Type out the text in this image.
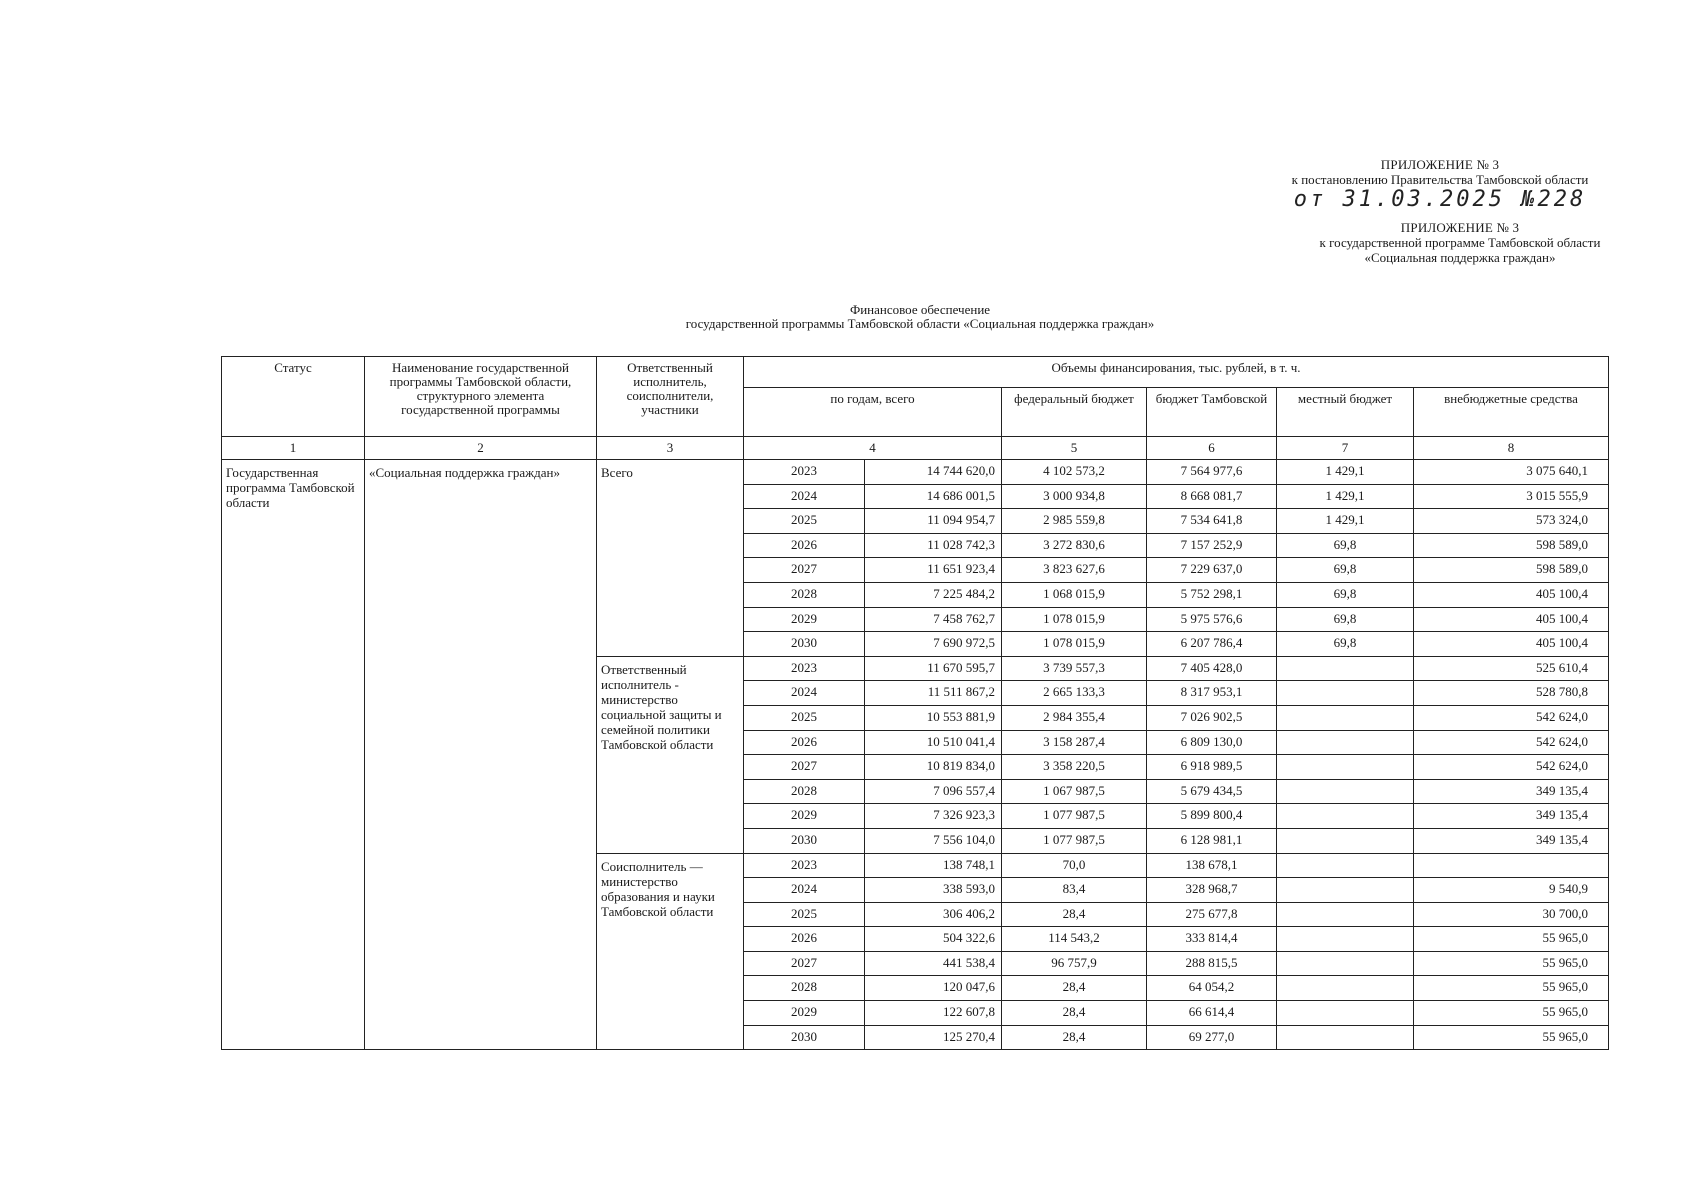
ПРИЛОЖЕНИЕ № 3
к постановлению Правительства Тамбовской области
от 31.03.2025 №228
ПРИЛОЖЕНИЕ № 3
к государственной программе Тамбовской области
«Социальная поддержка граждан»
Финансовое обеспечение
государственной программы Тамбовской области «Социальная поддержка граждан»
Статус	Наименование государственной программы Тамбовской области, структурного элемента государственной программы	Ответственный исполнитель, соисполнители, участники	Объемы финансирования, тыс. рублей, в т. ч.					
			по годам, всего		федеральный бюджет	бюджет Тамбовской	местный бюджет	внебюджетные средства
1	2	3	4		5	6	7	8
Государственная программа Тамбовской области	«Социальная поддержка граждан»	Всего	2023	14 744 620,0	4 102 573,2	7 564 977,6	1 429,1	3 075 640,1
			2024	14 686 001,5	3 000 934,8	8 668 081,7	1 429,1	3 015 555,9
			2025	11 094 954,7	2 985 559,8	7 534 641,8	1 429,1	573 324,0
			2026	11 028 742,3	3 272 830,6	7 157 252,9	69,8	598 589,0
			2027	11 651 923,4	3 823 627,6	7 229 637,0	69,8	598 589,0
			2028	7 225 484,2	1 068 015,9	5 752 298,1	69,8	405 100,4
			2029	7 458 762,7	1 078 015,9	5 975 576,6	69,8	405 100,4
			2030	7 690 972,5	1 078 015,9	6 207 786,4	69,8	405 100,4
		Ответственный исполнитель - министерство социальной защиты и семейной политики Тамбовской области	2023	11 670 595,7	3 739 557,3	7 405 428,0		525 610,4
			2024	11 511 867,2	2 665 133,3	8 317 953,1		528 780,8
			2025	10 553 881,9	2 984 355,4	7 026 902,5		542 624,0
			2026	10 510 041,4	3 158 287,4	6 809 130,0		542 624,0
			2027	10 819 834,0	3 358 220,5	6 918 989,5		542 624,0
			2028	7 096 557,4	1 067 987,5	5 679 434,5		349 135,4
			2029	7 326 923,3	1 077 987,5	5 899 800,4		349 135,4
			2030	7 556 104,0	1 077 987,5	6 128 981,1		349 135,4
		Соисполнитель — министерство образования и науки Тамбовской области	2023	138 748,1	70,0	138 678,1		
			2024	338 593,0	83,4	328 968,7		9 540,9
			2025	306 406,2	28,4	275 677,8		30 700,0
			2026	504 322,6	114 543,2	333 814,4		55 965,0
			2027	441 538,4	96 757,9	288 815,5		55 965,0
			2028	120 047,6	28,4	64 054,2		55 965,0
			2029	122 607,8	28,4	66 614,4		55 965,0
			2030	125 270,4	28,4	69 277,0		55 965,0
